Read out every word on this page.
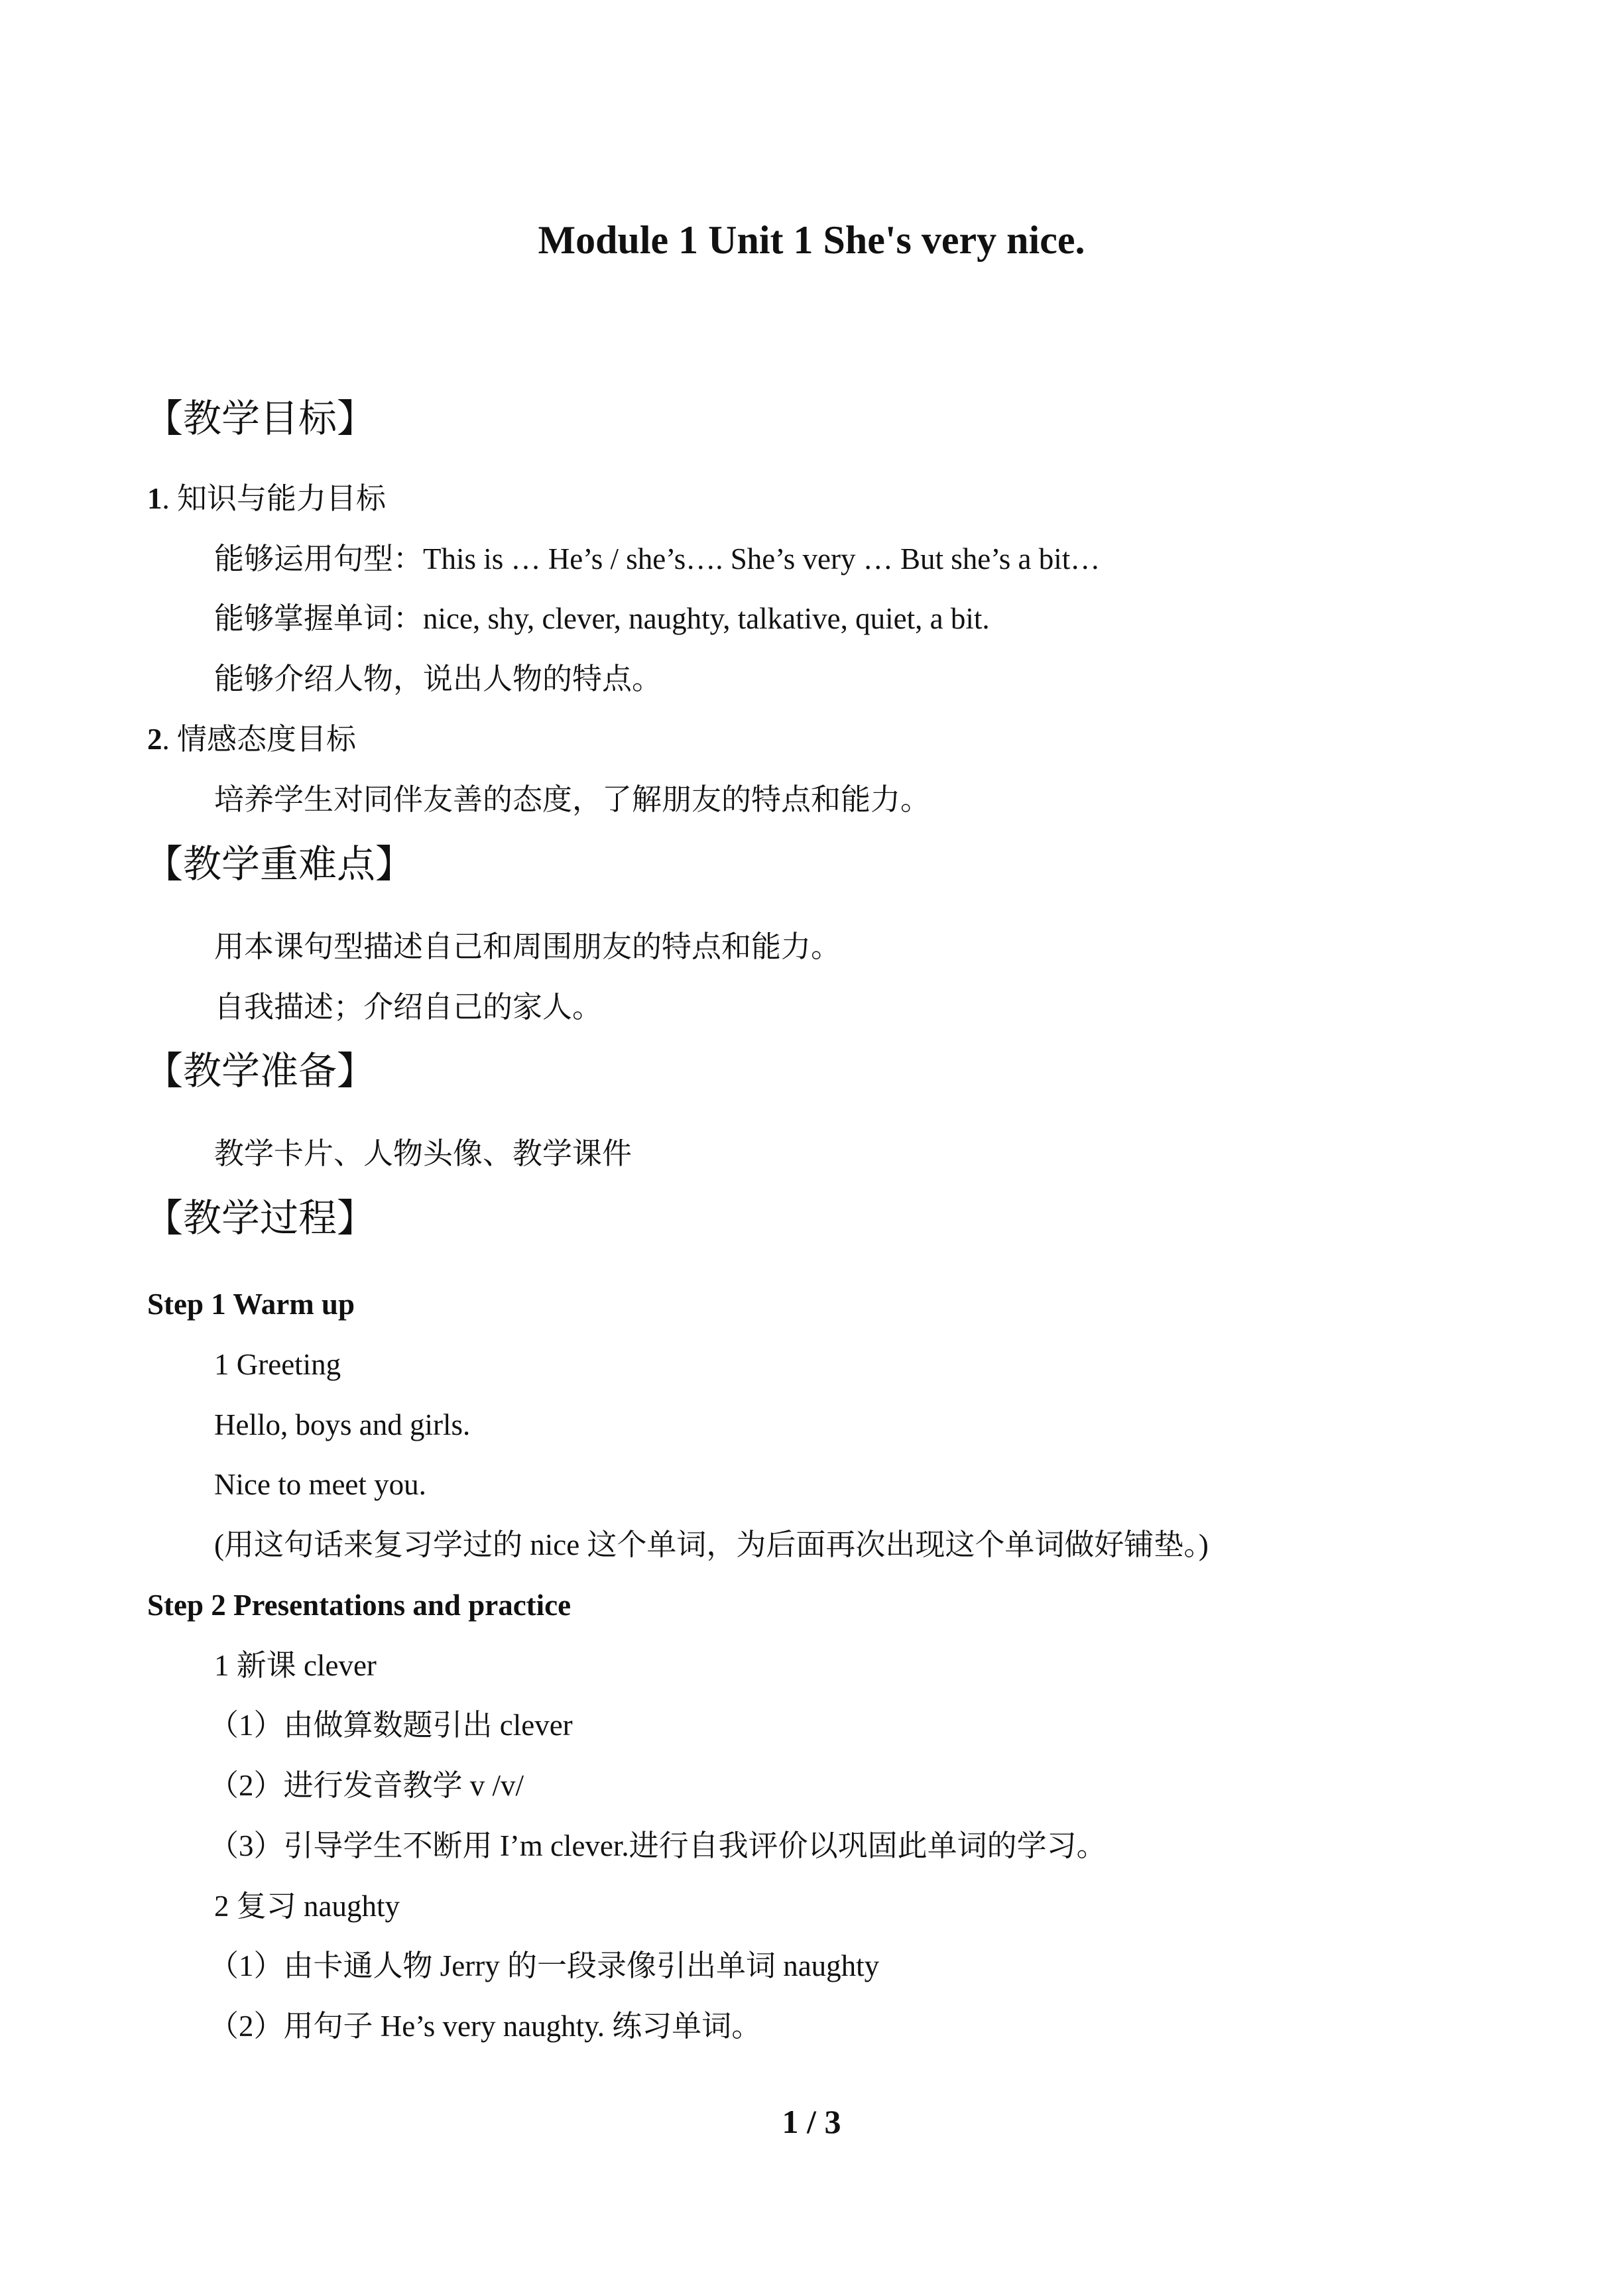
Module 1 Unit 1 She's very nice.
【教学目标】
1. 知识与能力目标
能够运用句型：This is … He’s / she’s…. She’s very … But she’s a bit…
能够掌握单词：nice, shy, clever, naughty, talkative, quiet, a bit.
能够介绍人物，说出人物的特点。
2. 情感态度目标
培养学生对同伴友善的态度，了解朋友的特点和能力。
【教学重难点】
用本课句型描述自己和周围朋友的特点和能力。
自我描述；介绍自己的家人。
【教学准备】
教学卡片、人物头像、教学课件
【教学过程】
Step 1 Warm up
1 Greeting
Hello, boys and girls.
Nice to meet you.
(用这句话来复习学过的 nice 这个单词，为后面再次出现这个单词做好铺垫。)
Step 2 Presentations and practice
1 新课 clever
（1）由做算数题引出 clever
（2）进行发音教学 v /v/
（3）引导学生不断用 I’m clever.进行自我评价以巩固此单词的学习。
2 复习 naughty
（1）由卡通人物 Jerry 的一段录像引出单词 naughty
（2）用句子 He’s very naughty. 练习单词。
1 / 3
